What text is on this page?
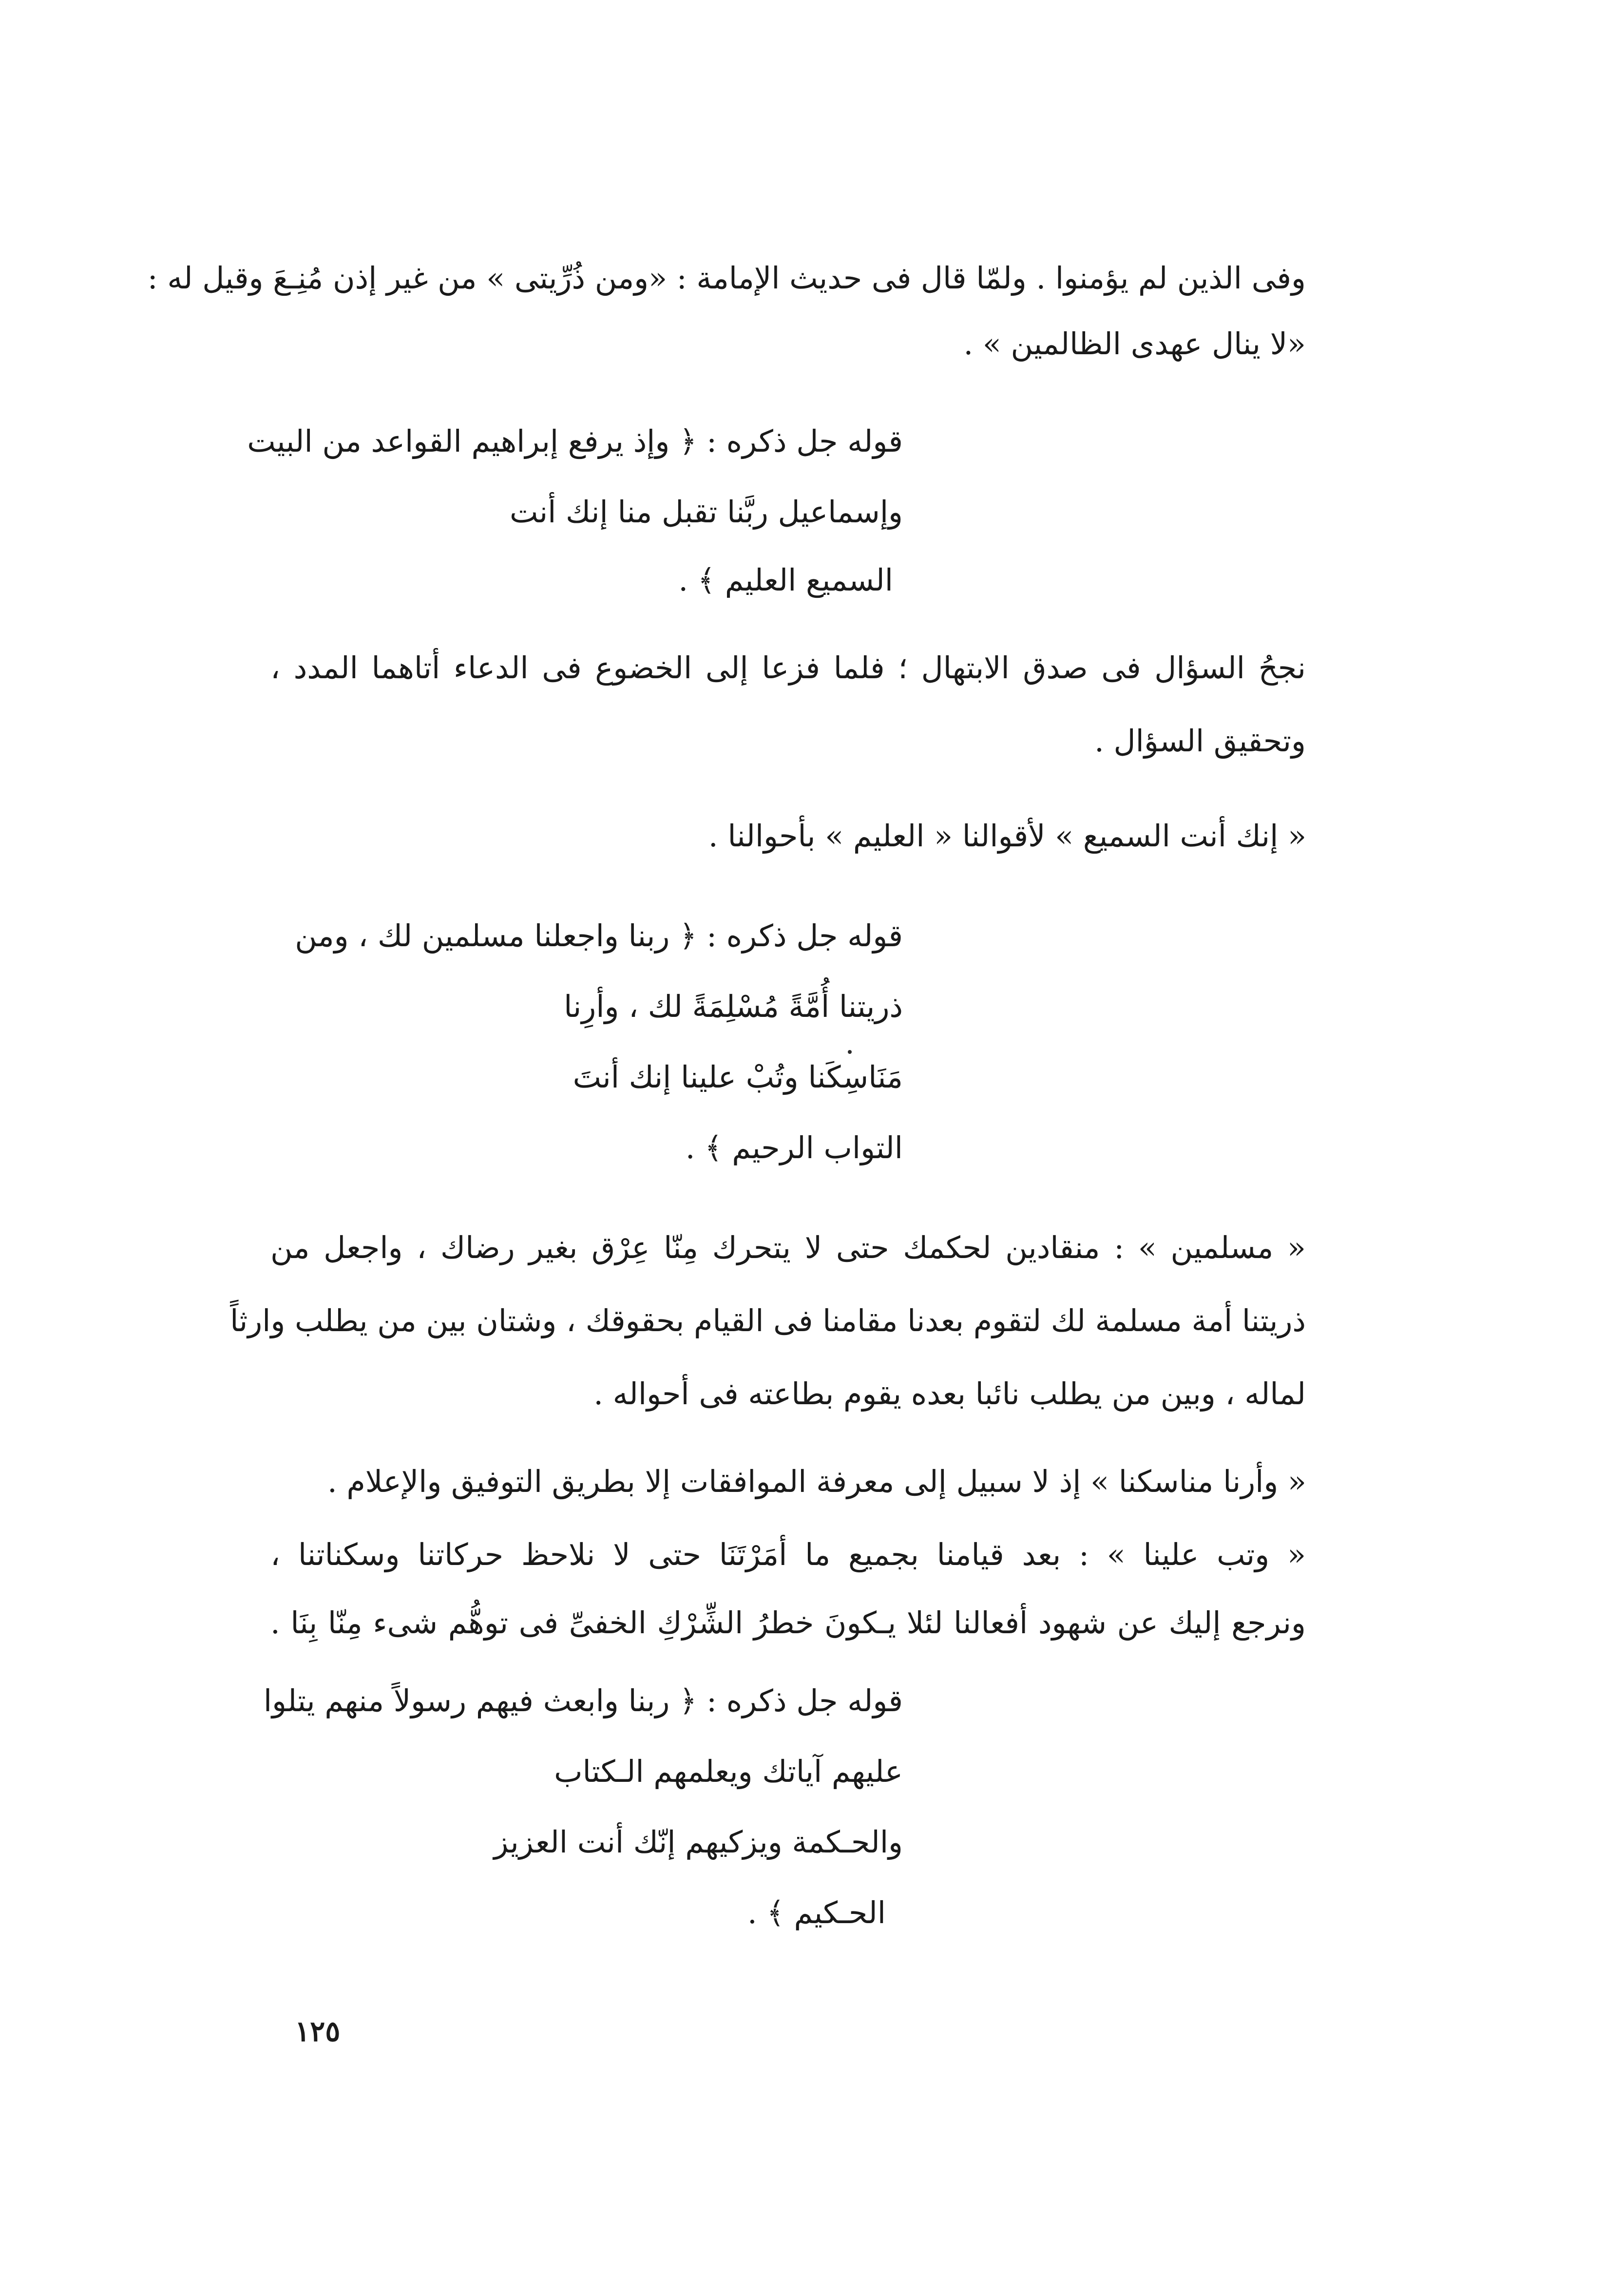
وفى الذين لم يؤمنوا . ولمّا قال فى حديث الإمامة : «ومن ذُرِّيتى » من غير إذن مُنِـعَ وقيل له :
«لا ينال عهدى الظالمين » .
قوله جل ذكره : ﴿ وإذ يرفع إبراهيم القواعد من البيت
وإسماعيل ربَّنا تقبل منا إنك أنت
السميع العليم ﴾ .
نجحُ السؤال فى صدق الابتهال ؛ فلما فزعا إلى الخضوع فى الدعاء أتاهما المدد ،
وتحقيق السؤال .
« إنك أنت السميع » لأقوالنا « العليم » بأحوالنا .
قوله جل ذكره : ﴿ ربنا واجعلنا مسلمين لك ، ومن
ذريتنا أُمَّةً مُسْلِمَةً لك ، وأرِنا
مَنَاسِكَنا وتُبْ علينا إنك أنتَ
التواب الرحيم ﴾ .
« مسلمين » : منقادين لحكمك حتى لا يتحرك مِنّا عِرْق بغير رضاك ، واجعل من
ذريتنا أمة مسلمة لك لتقوم بعدنا مقامنا فى القيام بحقوقك ، وشتان بين من يطلب وارثاً
لماله ، وبين من يطلب نائبا بعده يقوم بطاعته فى أحواله .
« وأرنا مناسكنا » إذ لا سبيل إلى معرفة الموافقات إلا بطريق التوفيق والإعلام .
« وتب علينا » : بعد قيامنا بجميع ما أمَرْتَنَا حتى لا نلاحظ حركاتنا وسكناتنا ،
ونرجع إليك عن شهود أفعالنا لئلا يـكونَ خطرُ الشِّرْكِ الخفىِّ فى توهُّم شىء مِنّا بِنَا .
قوله جل ذكره : ﴿ ربنا وابعث فيهم رسولاً منهم يتلوا
عليهم آياتك ويعلمهم الـكتاب
والحـكمة ويزكيهم إنّك أنت العزيز
الحـكيم ﴾ .
١٢٥
